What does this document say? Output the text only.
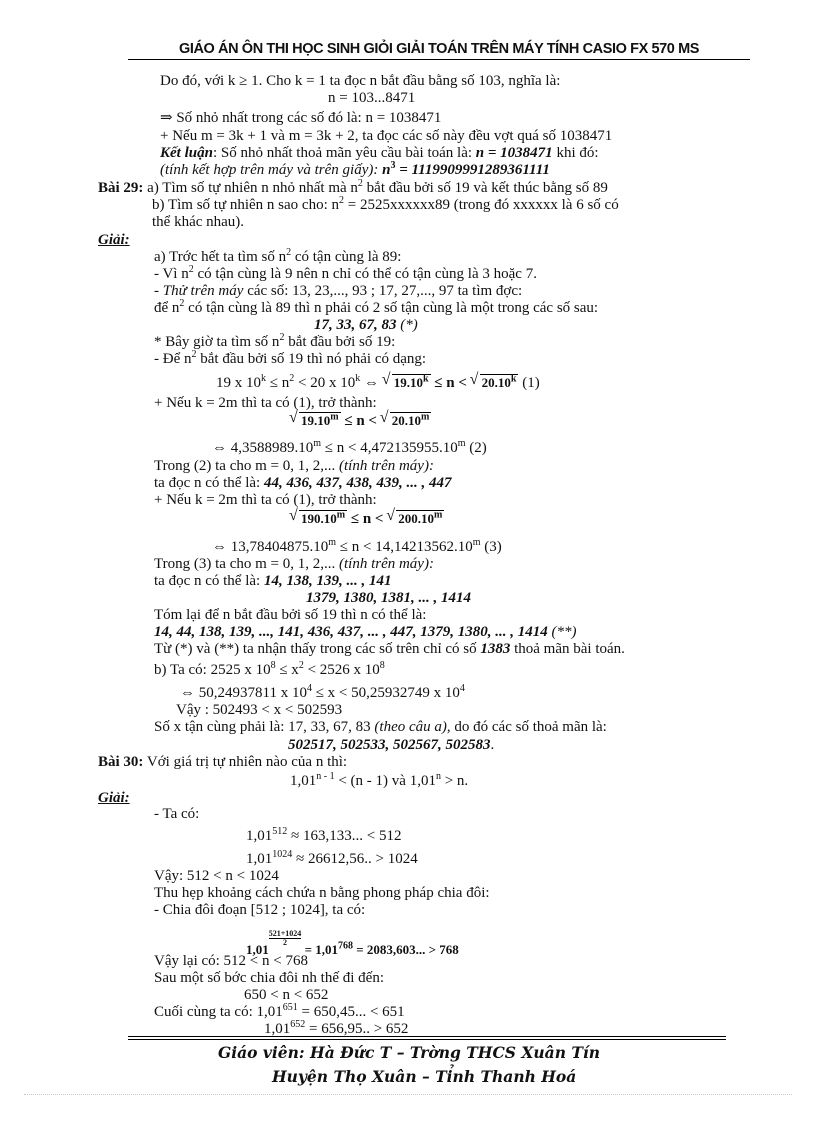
GIÁO ÁN ÔN THI HỌC SINH GIỎI GIẢI TOÁN TRÊN MÁY TÍNH CASIO FX 570 MS
Do đó, với k ≥ 1. Cho k = 1 ta đọc n bắt đầu bằng số 103, nghĩa là:
n = 103...8471
⇒ Số nhỏ nhất trong các số đó là: n = 1038471
+ Nếu m = 3k + 1 và m = 3k + 2, ta đọc các số này đều vợt quá số 1038471
Kết luận: Số nhỏ nhất thoả mãn yêu cầu bài toán là: n = 1038471 khi đó:
(tính kết hợp trên máy và trên giấy): $n^3 = 1119909991289361111$
Bài 29: a) Tìm số tự nhiên n nhỏ nhất mà $n^2$ bắt đầu bởi số 19 và kết thúc bằng số 89
b) Tìm số tự nhiên n sao cho: $n^2$ = 2525xxxxxx89 (trong đó xxxxxx là 6 số có
thể khác nhau).
Giải:
a) Trớc hết ta tìm số $n^2$ có tận cùng là 89:
- Vì $n^2$ có tận cùng là 9 nên n chỉ có thể có tận cùng là 3 hoặc 7.
- Thử trên máy các số: 13, 23,..., 93 ; 17, 27,..., 97 ta tìm đợc:
để $n^2$ có tận cùng là 89 thì n phải có 2 số tận cùng là một trong các số sau:
17, 33, 67, 83 (*)
* Bây giờ ta tìm số $n^2$ bắt đầu bởi số 19:
- Để $n^2$ bắt đầu bởi số 19 thì nó phải có dạng:
19 x $10^k \le n^2 < 20$ x 10$^k$ ⇔ √ $19.10^k \le n$ < √ 20.10$^k$ (1)
+ Nếu k = 2m thì ta có (1), trở thành:
√ $19.10^m \le n$ < √ 20.10$^m$
⇔ $4,3588989.10^m \le n < 4,472135955.10^m$ (2)
Trong (2) ta cho m = 0, 1, 2,... (tính trên máy):
ta đọc n có thể là: 44, 436, 437, 438, 439, ... , 447
+ Nếu k = 2m thì ta có (1), trở thành:
√ $190.10^m \le n$ < √ 200.10$^m$
⇔ $13,78404875.10^m \le n < 14,14213562.10^m$ (3)
Trong (3) ta cho m = 0, 1, 2,... (tính trên máy):
ta đọc n có thể là: 14, 138, 139, ... , 141
1379, 1380, 1381, ... , 1414
Tóm lại để n bắt đầu bởi số 19 thì n có thể là:
14, 44, 138, 139, ..., 141, 436, 437, ... , 447, 1379, 1380, ... , 1414 (**)
Từ (*) và (**) ta nhận thấy trong các số trên chỉ có số 1383 thoả mãn bài toán.
b) Ta có: 2525 x $10^8 \le x^2 < 2526$ x $10^8$
⇔ 50,24937811 x $10^4 \le x < 50,25932749$ x $10^4$
Vậy : 502493 < x < 502593
Số x tận cùng phải là: 17, 33, 67, 83 (theo câu a), do đó các số thoả mãn là:
502517, 502533, 502567, 502583.
Bài 30: Với giá trị tự nhiên nào của n thì:
$1,01^{n - 1} < (n - 1)$ và $1,01^n > n$.
Giải:
- Ta có:
$1,01^{512} \approx 163,133$... < 512
$1,01^{1024} \approx 26612,56$.. > 1024
Vậy: 512 < n < 1024
Thu hẹp khoảng cách chứa n bằng phong pháp chia đôi:
- Chia đôi đoạn [512 ; 1024], ta có:
1,01
$\frac{521+1024}{2} = 1,01^{768} = 2083,603$... > 768
Vậy lại có: 512 < n < 768
Sau một số bớc chia đôi nh thế đi đến:
650 < n < 652
Cuối cùng ta có: $1,01^{651} = 650,45$... < 651
$1,01^{652} = 656,95$.. > 652
Giáo viên: Hà Đức T – Trờng THCS Xuân Tín
Huyện Thọ Xuân – Tỉnh Thanh Hoá
